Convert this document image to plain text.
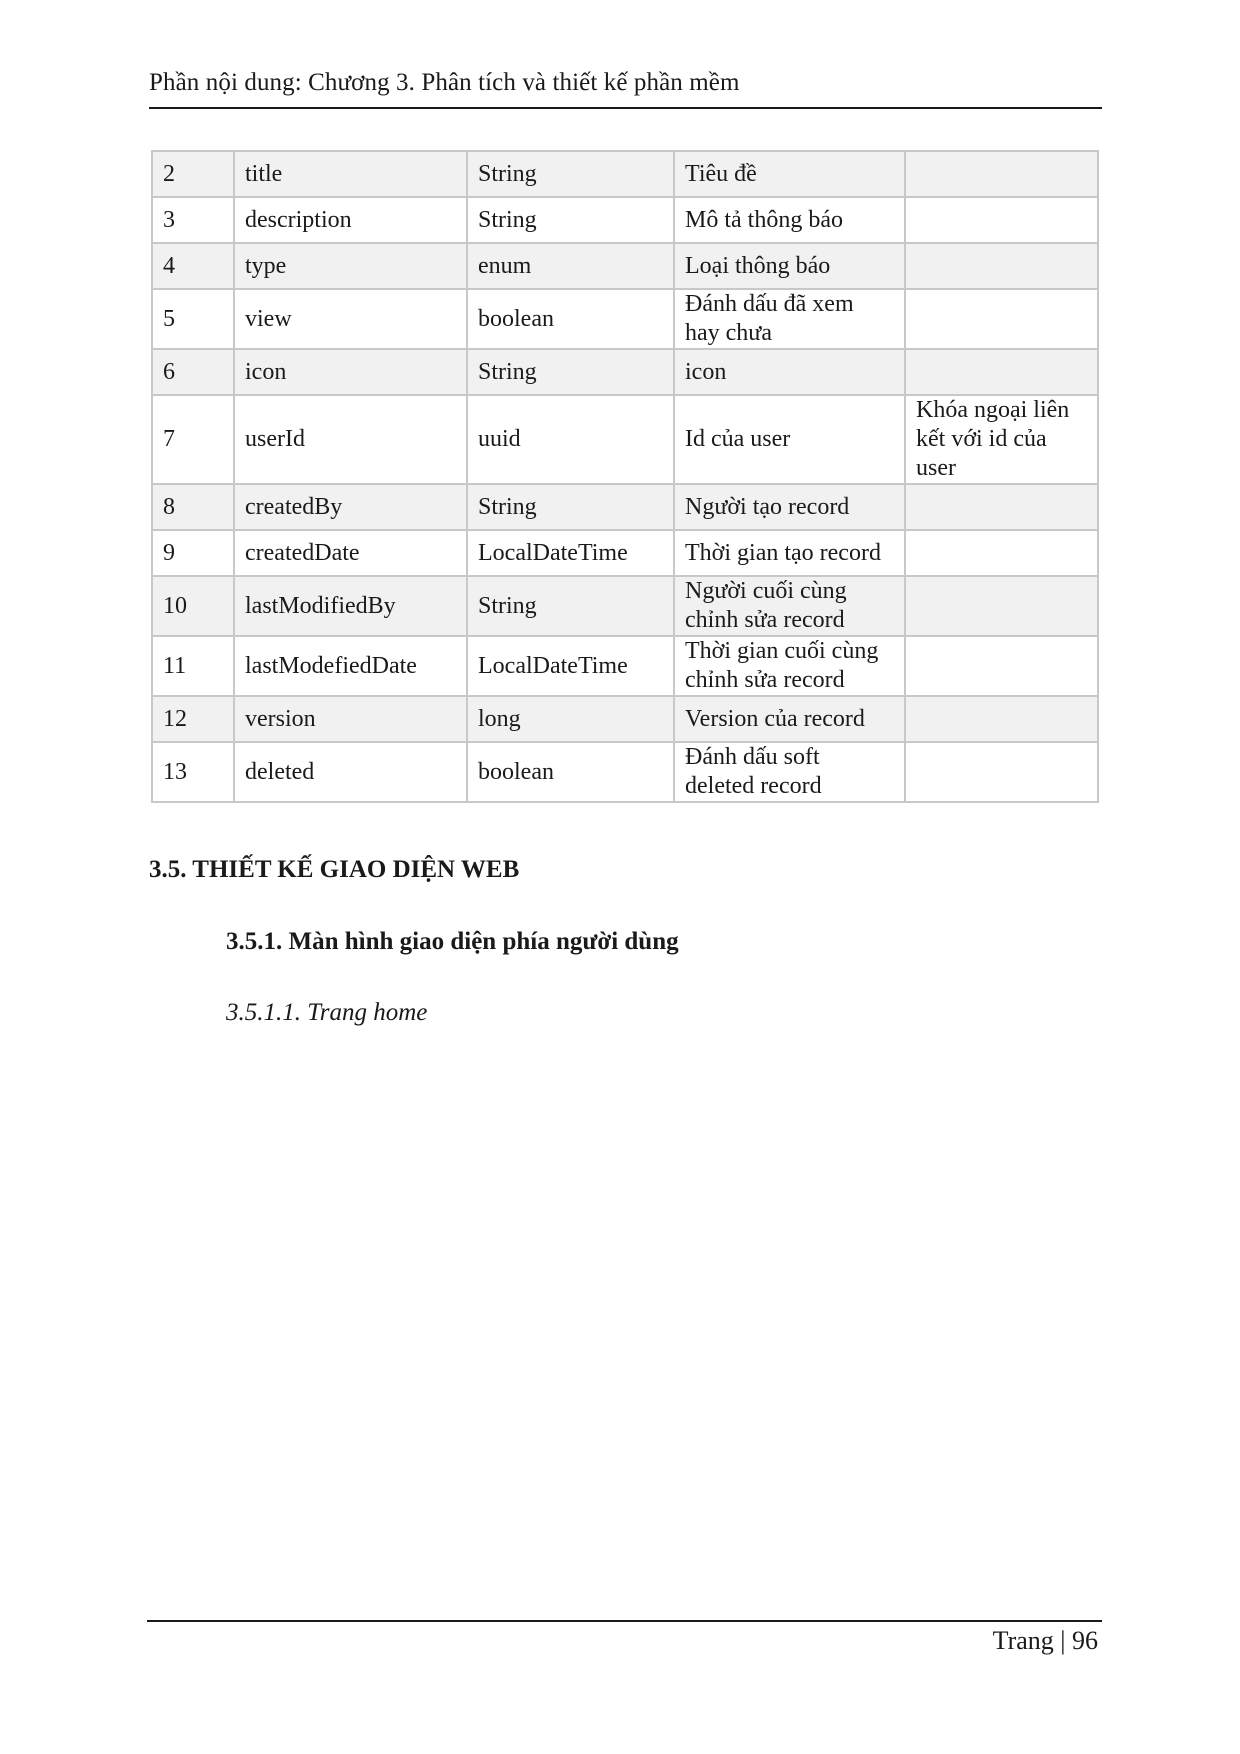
Phần nội dung: Chương 3. Phân tích và thiết kế phần mềm
2	title	String	Tiêu đề	
3	description	String	Mô tả thông báo	
4	type	enum	Loại thông báo	
5	view	boolean	Đánh dấu đã xem hay chưa	
6	icon	String	icon	
7	userId	uuid	Id của user	Khóa ngoại liên kết với id của user
8	createdBy	String	Người tạo record	
9	createdDate	LocalDateTime	Thời gian tạo record	
10	lastModifiedBy	String	Người cuối cùng chỉnh sửa record	
11	lastModefiedDate	LocalDateTime	Thời gian cuối cùng chỉnh sửa record	
12	version	long	Version của record	
13	deleted	boolean	Đánh dấu soft deleted record	
3.5. THIẾT KẾ GIAO DIỆN WEB
3.5.1. Màn hình giao diện phía người dùng
3.5.1.1. Trang home
Trang | 96
